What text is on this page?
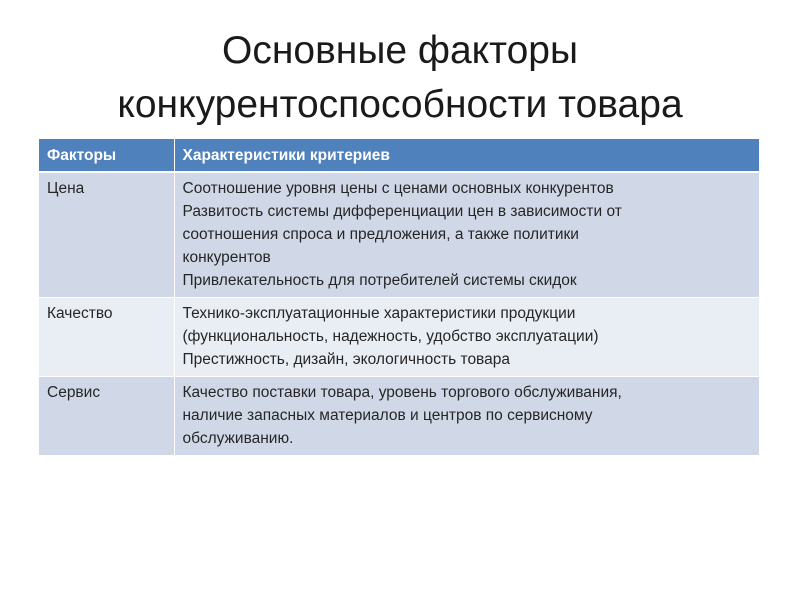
Основные факторы
конкурентоспособности товара
Факторы	Характеристики критериев
Цена	Соотношение уровня цены с ценами основных конкурентов
Развитость системы дифференциации цен в зависимости от
соотношения спроса и предложения, а также политики
конкурентов
Привлекательность для потребителей системы скидок

Качество	Технико-эксплуатационные характеристики продукции
(функциональность, надежность, удобство эксплуатации)
Престижность, дизайн, экологичность товара

Сервис	Качество поставки товара, уровень торгового обслуживания,
наличие запасных материалов и центров по сервисному
обслуживанию.
